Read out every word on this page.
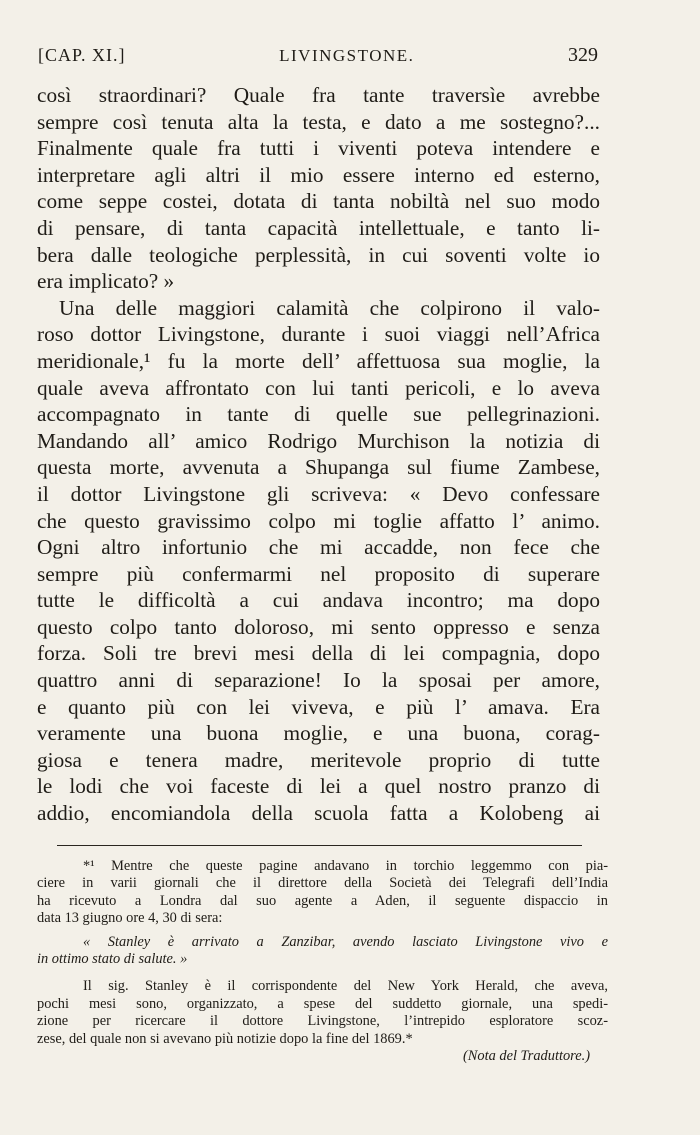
[CAP. XI.]	LIVINGSTONE.	329
così straordinari? Quale fra tante traversìe avrebbe
sempre così tenuta alta la testa, e dato a me sostegno?...
Finalmente quale fra tutti i viventi poteva intendere e
interpretare agli altri il mio essere interno ed esterno,
come seppe costei, dotata di tanta nobiltà nel suo modo
di pensare, di tanta capacità intellettuale, e tanto li-
bera dalle teologiche perplessità, in cui soventi volte io
era implicato? »
Una delle maggiori calamità che colpirono il valo-
roso dottor Livingstone, durante i suoi viaggi nell’Africa
meridionale,¹ fu la morte dell’ affettuosa sua moglie, la
quale aveva affrontato con lui tanti pericoli, e lo aveva
accompagnato in tante di quelle sue pellegrinazioni.
Mandando all’ amico Rodrigo Murchison la notizia di
questa morte, avvenuta a Shupanga sul fiume Zambese,
il dottor Livingstone gli scriveva: « Devo confessare
che questo gravissimo colpo mi toglie affatto l’ animo.
Ogni altro infortunio che mi accadde, non fece che
sempre più confermarmi nel proposito di superare
tutte le difficoltà a cui andava incontro; ma dopo
questo colpo tanto doloroso, mi sento oppresso e senza
forza. Soli tre brevi mesi della di lei compagnia, dopo
quattro anni di separazione! Io la sposai per amore,
e quanto più con lei viveva, e più l’ amava. Era
veramente una buona moglie, e una buona, corag-
giosa e tenera madre, meritevole proprio di tutte
le lodi che voi faceste di lei a quel nostro pranzo di
addio, encomiandola della scuola fatta a Kolobeng ai
*¹ Mentre che queste pagine andavano in torchio leggemmo con pia-
ciere in varii giornali che il direttore della Società dei Telegrafi dell’India
ha ricevuto a Londra dal suo agente a Aden, il seguente dispaccio in
data 13 giugno ore 4, 30 di sera:
« Stanley è arrivato a Zanzibar, avendo lasciato Livingstone vivo e
in ottimo stato di salute. »
Il sig. Stanley è il corrispondente del New York Herald, che aveva,
pochi mesi sono, organizzato, a spese del suddetto giornale, una spedi-
zione per ricercare il dottore Livingstone, l’intrepido esploratore scoz-
zese, del quale non si avevano più notizie dopo la fine del 1869.*
(Nota del Traduttore.)
